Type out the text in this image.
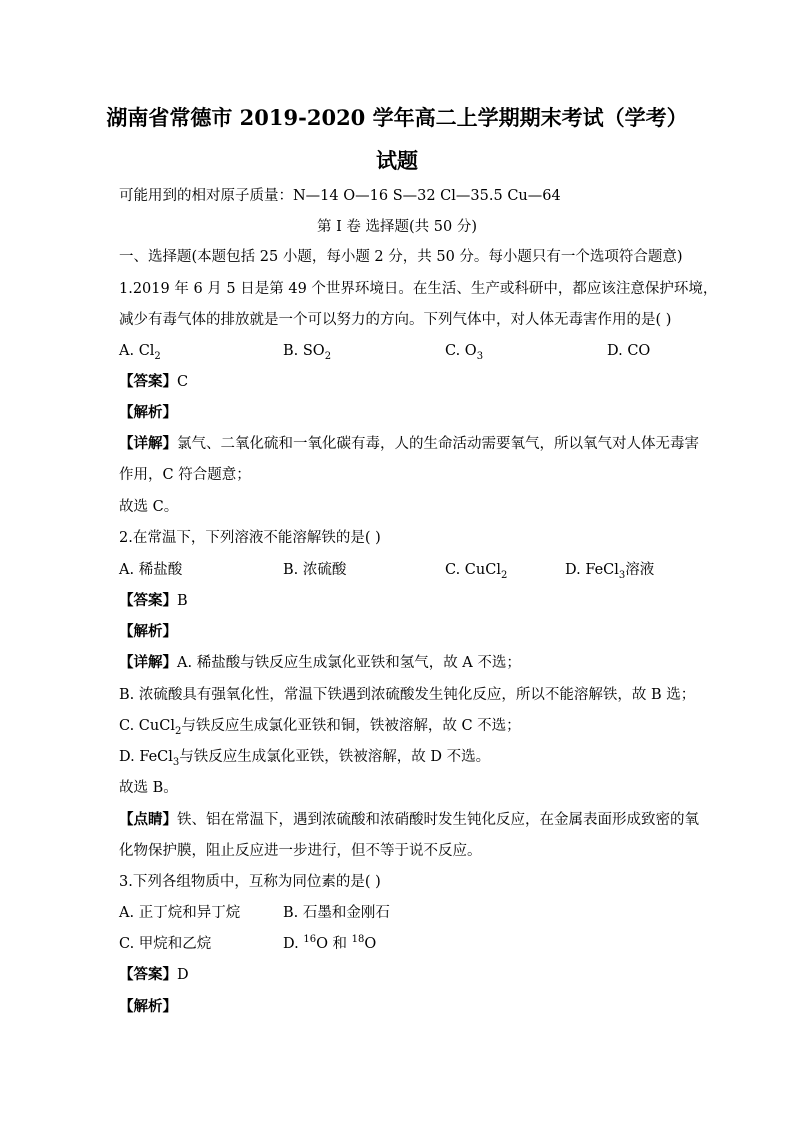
湖南省常德市 2019-2020 学年高二上学期期末考试（学考）
试题
可能用到的相对原子质量：N—14 O—16 S—32 Cl—35.5 Cu—64
第 I 卷 选择题(共 50 分)
一、选择题(本题包括 25 小题，每小题 2 分，共 50 分。每小题只有一个选项符合题意)
1.2019 年 6 月 5 日是第 49 个世界环境日。在生活、生产或科研中，都应该注意保护环境，
减少有毒气体的排放就是一个可以努力的方向。下列气体中，对人体无毒害作用的是( )
A. $Cl_2$	B. $SO_2$	C. $O_3$	D. CO
【答案】C
【解析】
【详解】氯气、二氧化硫和一氧化碳有毒，人的生命活动需要氧气，所以氧气对人体无毒害
作用，C 符合题意；
故选 C。
2.在常温下，下列溶液不能溶解铁的是( )
A. 稀盐酸	B. 浓硫酸	C. CuCl$_2$	D. FeCl$_3$溶液
【答案】B
【解析】
【详解】A. 稀盐酸与铁反应生成氯化亚铁和氢气，故 A 不选；
B. 浓硫酸具有强氧化性，常温下铁遇到浓硫酸发生钝化反应，所以不能溶解铁，故 B 选；
C. CuCl$_2$与铁反应生成氯化亚铁和铜，铁被溶解，故 C 不选；
D. FeCl$_3$与铁反应生成氯化亚铁，铁被溶解，故 D 不选。
故选 B。
【点睛】铁、铝在常温下，遇到浓硫酸和浓硝酸时发生钝化反应，在金属表面形成致密的氧
化物保护膜，阻止反应进一步进行，但不等于说不反应。
3.下列各组物质中，互称为同位素的是( )
A. 正丁烷和异丁烷	B. 石墨和金刚石
C. 甲烷和乙烷	D. $^{16}$O 和 $^{18}$O
【答案】D
【解析】
